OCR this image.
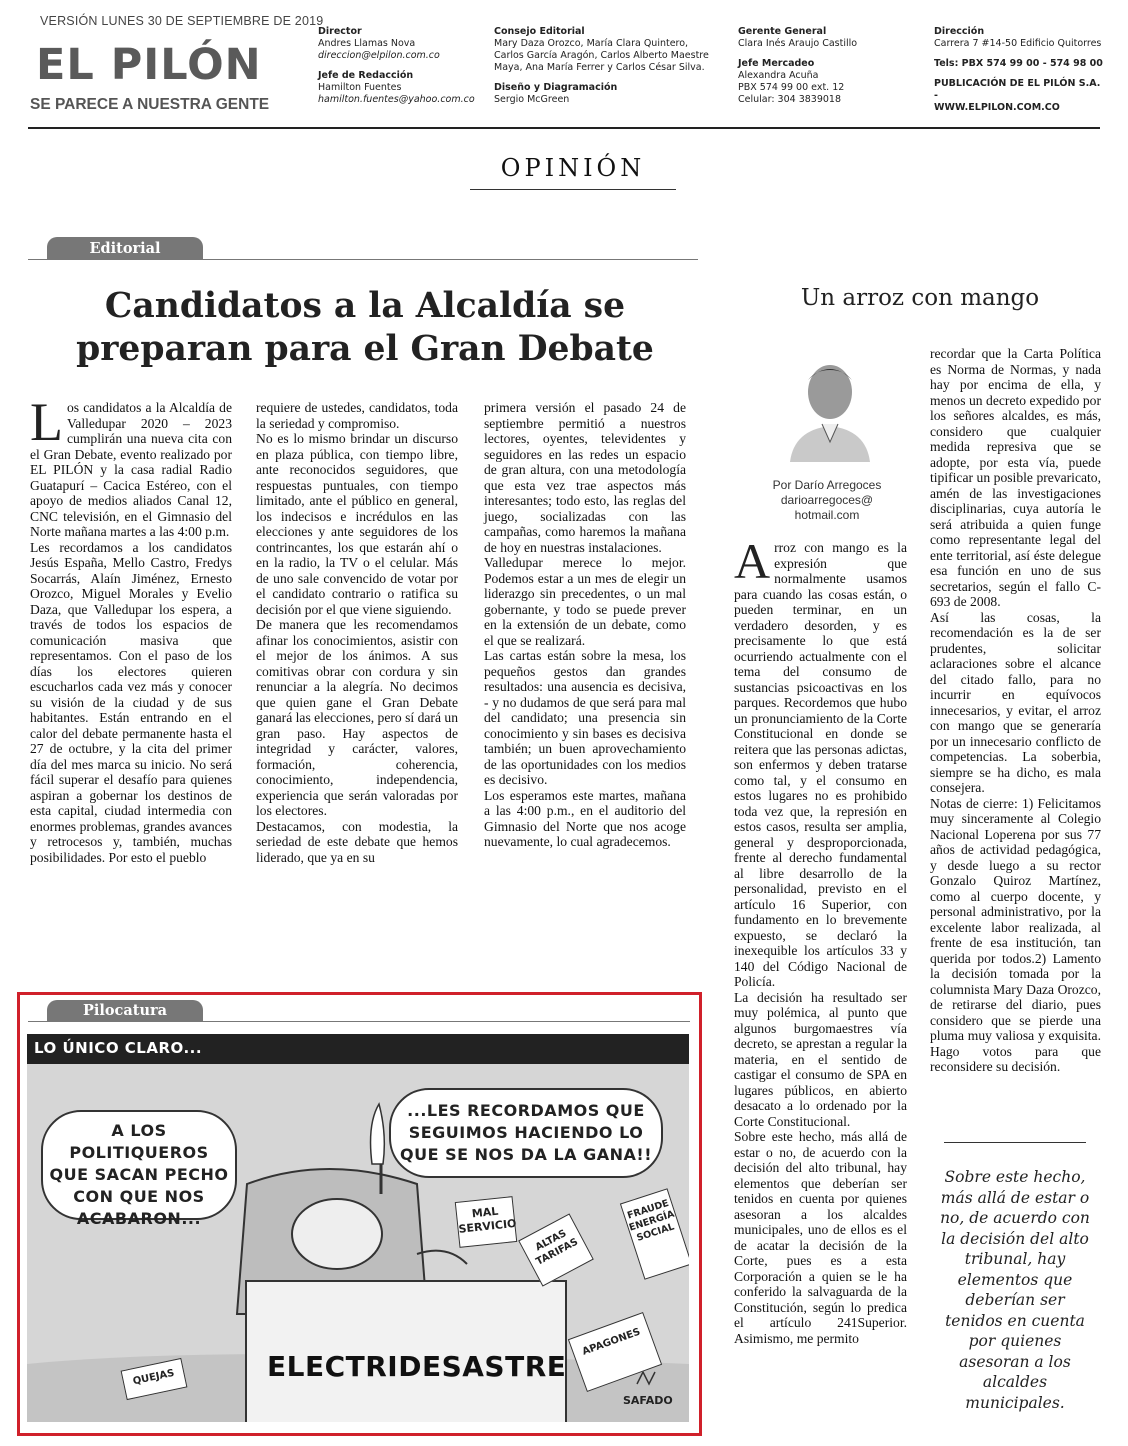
VERSIÓN LUNES 30 DE SEPTIEMBRE DE 2019
EL PILÓN
SE PARECE A NUESTRA GENTE
Director
Andres Llamas Nova
direccion@elpilon.com.co
Jefe de Redacción
Hamilton Fuentes
hamilton.fuentes@yahoo.com.co
Consejo Editorial
Mary Daza Orozco, María Clara Quintero,
Carlos García Aragón, Carlos Alberto Maestre
Maya, Ana María Ferrer y Carlos César Silva.
Diseño y Diagramación
Sergio McGreen
Gerente General
Clara Inés Araujo Castillo
Jefe Mercadeo
Alexandra Acuña
PBX 574 99 00 ext. 12
Celular: 304 3839018
Dirección
Carrera 7 #14-50 Edificio Quitorres
Tels: PBX 574 99 00 - 574 98 00
PUBLICACIÓN DE EL PILÓN S.A. -
WWW.ELPILON.COM.CO
OPINIÓN
Editorial
Candidatos a la Alcaldía se
preparan para el Gran Debate

Los candidatos a la Alcaldía de Valledupar 2020 – 2023 cumplirán una nueva cita con el Gran Debate, evento realizado por EL PILÓN y la casa radial Radio Guatapurí – Cacica Estéreo, con el apoyo de medios aliados Canal 12, CNC televisión, en el Gimnasio del Norte mañana martes a las 4:00 p.m.

Les recordamos a los candidatos Jesús España, Mello Castro, Fredys Socarrás, Alaín Jiménez, Ernesto Orozco, Miguel Morales y Evelio Daza, que Valledupar los espera, a través de todos los espacios de comunicación masiva que representamos. Con el paso de los días los electores quieren escucharlos cada vez más y conocer su visión de la ciudad y de sus habitantes. Están entrando en el calor del debate permanente hasta el 27 de octubre, y la cita del primer día del mes marca su inicio. No será fácil superar el desafío para quienes aspiran a gobernar los destinos de esta capital, ciudad intermedia con enormes problemas, grandes avances y retrocesos y, también, muchas posibilidades. Por esto el pueblo

requiere de ustedes, candidatos, toda la seriedad y compromiso.

No es lo mismo brindar un discurso en plaza pública, con tiempo libre, ante reconocidos seguidores, que respuestas puntuales, con tiempo limitado, ante el público en general, los indecisos e incrédulos en las elecciones y ante seguidores de los contrincantes, los que estarán ahí o en la radio, la TV o el celular. Más de uno sale convencido de votar por el candidato contrario o ratifica su decisión por el que viene siguiendo.

De manera que les recomendamos afinar los conocimientos, asistir con el mejor de los ánimos. A sus comitivas obrar con cordura y sin renunciar a la alegría. No decimos que quien gane el Gran Debate ganará las elecciones, pero sí dará un gran paso. Hay aspectos de integridad y carácter, valores, formación, coherencia, conocimiento, independencia, experiencia que serán valoradas por los electores.

Destacamos, con modestia, la seriedad de este debate que hemos liderado, que ya en su

primera versión el pasado 24 de septiembre permitió a nuestros lectores, oyentes, televidentes y seguidores en las redes un espacio de gran altura, con una metodología que esta vez trae aspectos más interesantes; todo esto, las reglas del juego, socializadas con las campañas, como haremos la mañana de hoy en nuestras instalaciones.

Valledupar merece lo mejor. Podemos estar a un mes de elegir un liderazgo sin precedentes, o un mal gobernante, y todo se puede prever en la extensión de un debate, como el que se realizará.

Las cartas están sobre la mesa, los pequeños gestos dan grandes resultados: una ausencia es decisiva, - y no dudamos de que será para mal del candidato; una presencia sin conocimiento y sin bases es decisiva también; un buen aprovechamiento de las oportunidades con los medios es decisivo.

Los esperamos este martes, mañana a las 4:00 p.m., en el auditorio del Gimnasio del Norte que nos acoge nuevamente, lo cual agradecemos.

Pilocatura
LO ÚNICO CLARO...
A LOS POLITIQUEROS
QUE SACAN PECHO
CON QUE NOS
ACABARON...
...LES RECORDAMOS QUE
SEGUIMOS HACIENDO LO
QUE SE NOS DA LA GANA!!
ELECTRIDESASTRE
MAL SERVICIO
ALTAS TARIFAS
FRAUDE ENERGÍA SOCIAL
APAGONES
QUEJAS
SAFADO
Un arroz con mango
Por Darío Arregoces
darioarregoces@
hotmail.com

Arroz con mango es la expresión que normalmente usamos para cuando las cosas están, o pueden terminar, en un verdadero desorden, y es precisamente lo que está ocurriendo actualmente con el tema del consumo de sustancias psicoactivas en los parques. Recordemos que hubo un pronunciamiento de la Corte Constitucional en donde se reitera que las personas adictas, son enfermos y deben tratarse como tal, y el consumo en estos lugares no es prohibido toda vez que, la represión en estos casos, resulta ser amplia, general y desproporcionada, frente al derecho fundamental al libre desarrollo de la personalidad, previsto en el artículo 16 Superior, con fundamento en lo brevemente expuesto, se declaró la inexequible los artículos 33 y 140 del Código Nacional de Policía.

La decisión ha resultado ser muy polémica, al punto que algunos burgomaestres vía decreto, se aprestan a regular la materia, en el sentido de castigar el consumo de SPA en lugares públicos, en abierto desacato a lo ordenado por la Corte Constitucional.

Sobre este hecho, más allá de estar o no, de acuerdo con la decisión del alto tribunal, hay elementos que deberían ser tenidos en cuenta por quienes asesoran a los alcaldes municipales, uno de ellos es el de acatar la decisión de la Corte, pues es a esta Corporación a quien se le ha conferido la salvaguarda de la Constitución, según lo predica el artículo 241Superior. Asimismo, me permito

recordar que la Carta Política es Norma de Normas, y nada hay por encima de ella, y menos un decreto expedido por los señores alcaldes, es más, considero que cualquier medida represiva que se adopte, por esta vía, puede tipificar un posible prevaricato, amén de las investigaciones disciplinarias, cuya autoría le será atribuida a quien funge como representante legal del ente territorial, así éste delegue esa función en uno de sus secretarios, según el fallo C- 693 de 2008.

Así las cosas, la recomendación es la de ser prudentes, solicitar aclaraciones sobre el alcance del citado fallo, para no incurrir en equívocos innecesarios, y evitar, el arroz con mango que se generaría por un innecesario conflicto de competencias. La soberbia, siempre se ha dicho, es mala consejera.

Notas de cierre: 1) Felicitamos muy sinceramente al Colegio Nacional Loperena por sus 77 años de actividad pedagógica, y desde luego a su rector Gonzalo Quiroz Martínez, como al cuerpo docente, y personal administrativo, por la excelente labor realizada, al frente de esa institución, tan querida por todos.2) Lamento la decisión tomada por la columnista Mary Daza Orozco, de retirarse del diario, pues considero que se pierde una pluma muy valiosa y exquisita. Hago votos para que reconsidere su decisión.

Sobre este hecho, más allá de estar o no, de acuerdo con la decisión del alto tribunal, hay elementos que deberían ser tenidos en cuenta por quienes asesoran a los alcaldes municipales.
